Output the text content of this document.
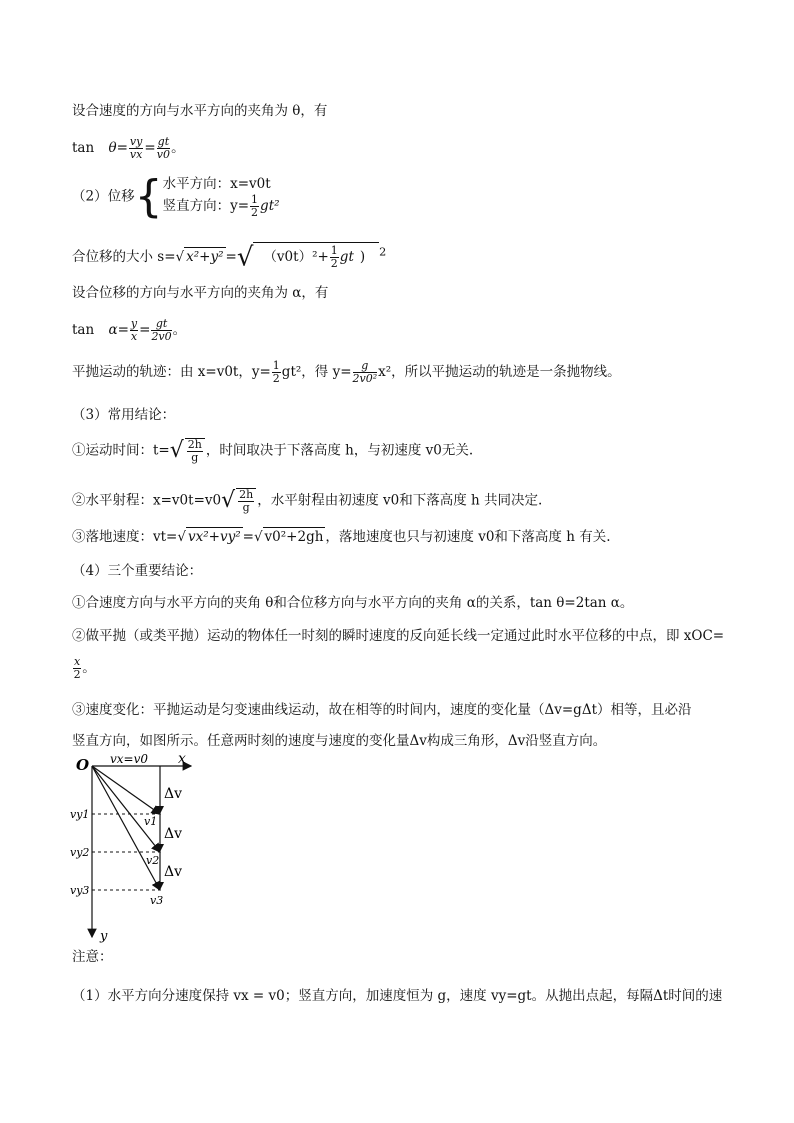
设合速度的方向与水平方向的夹角为 θ，有
$\tan \theta= \frac{vy}{vx} = \frac{gt}{v0}$ 。
（2）位移{ 水平方向：x=v0t
竖直方向：$y= \frac{1}{2} gt^2$
合位移的大小 s=√ x²+y² =√ $(v0t)^2+ \frac{1}{2}$ gt ) $^2$
设合位移的方向与水平方向的夹角为 α，有
$\tan \alpha= \frac{y}{x} = \frac{gt}{2v0}$ 。
平抛运动的轨迹：由 x=v0t，$y= \frac{1}{2} gt^2$，得 $y= \frac{g}{\text{2v0²}} x^2$，所以平抛运动的轨迹是一条抛物线。
（3）常用结论：
①运动时间：$t=√ \frac{2h}{g}$ ，时间取决于下落高度 h，与初速度 v0无关.
②水平射程：$x=v0t=v0√ \frac{2h}{g}$ ，水平射程由初速度 v0和下落高度 h 共同决定.
③落地速度：vt=√ vx²+vy² =√ v0²+2gh ，落地速度也只与初速度 v0和下落高度 h 有关.
（4）三个重要结论：
①合速度方向与水平方向的夹角 θ和合位移方向与水平方向的夹角 α的关系，tan θ=2tan α。
②做平抛（或类平抛）运动的物体任一时刻的瞬时速度的反向延长线一定通过此时水平位移的中点，即 xOC=
$\frac{x}{2}$ 。
③速度变化：平抛运动是匀变速曲线运动，故在相等的时间内，速度的变化量（Δv=gΔt）相等，且必沿
竖直方向，如图所示。任意两时刻的速度与速度的变化量Δv构成三角形，Δv沿竖直方向。
O vx=v0 x
y
Δv
Δv
Δv
vy1
vy2
vy3
v1
v2
v3
注意：
（1）水平方向分速度保持 vx = v0；竖直方向，加速度恒为 g，速度 vy=gt。从抛出点起，每隔Δt时间的速
